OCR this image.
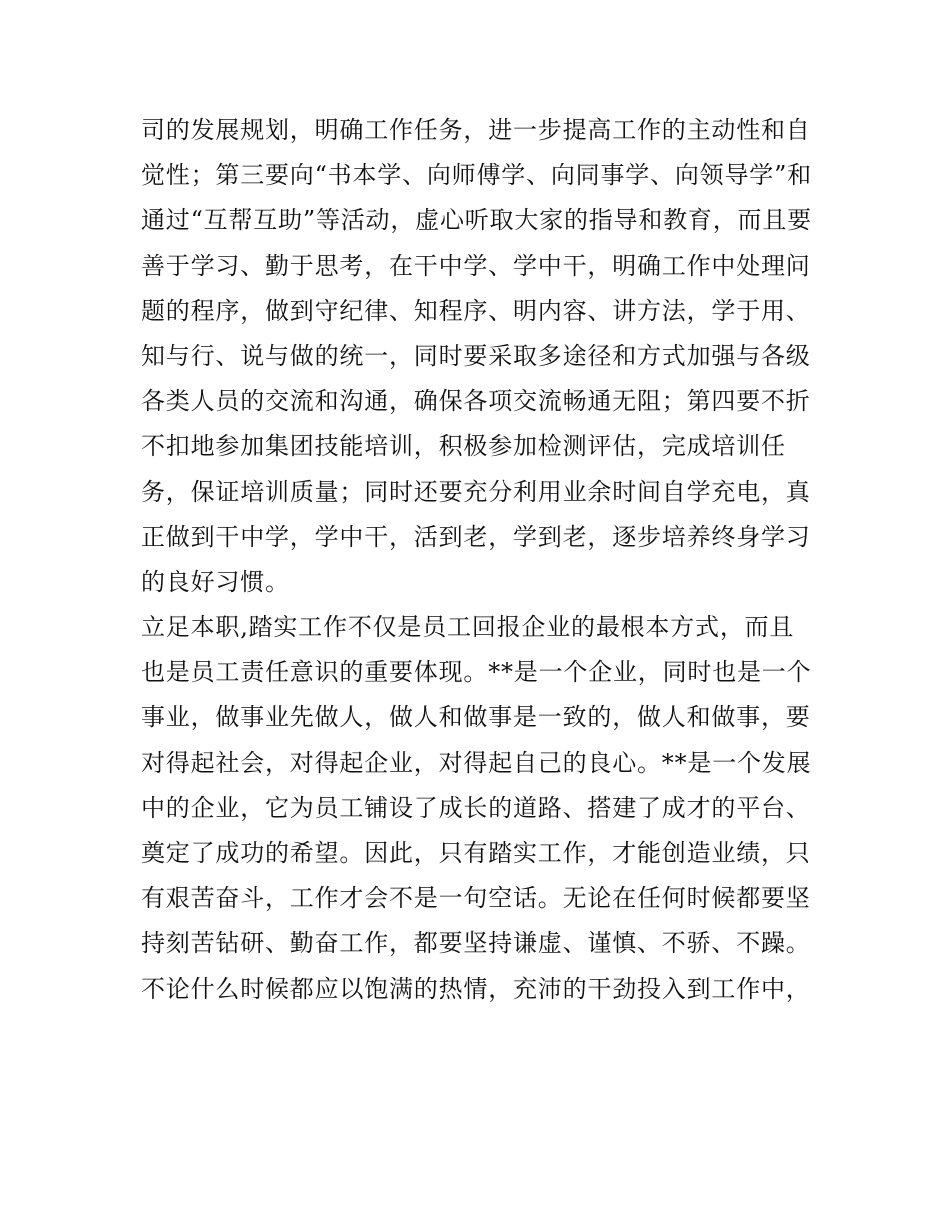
司的发展规划，明确工作任务，进一步提高工作的主动性和自
觉性；第三要向“书本学、向师傅学、向同事学、向领导学”和
通过“互帮互助”等活动，虚心听取大家的指导和教育，而且要
善于学习、勤于思考，在干中学、学中干，明确工作中处理问
题的程序，做到守纪律、知程序、明内容、讲方法，学于用、
知与行、说与做的统一，同时要采取多途径和方式加强与各级
各类人员的交流和沟通，确保各项交流畅通无阻；第四要不折
不扣地参加集团技能培训，积极参加检测评估，完成培训任
务，保证培训质量；同时还要充分利用业余时间自学充电，真
正做到干中学，学中干，活到老，学到老，逐步培养终身学习
的良好习惯。
立足本职,踏实工作不仅是员工回报企业的最根本方式，而且
也是员工责任意识的重要体现。**是一个企业，同时也是一个
事业，做事业先做人，做人和做事是一致的，做人和做事，要
对得起社会，对得起企业，对得起自己的良心。**是一个发展
中的企业，它为员工铺设了成长的道路、搭建了成才的平台、
奠定了成功的希望。因此，只有踏实工作，才能创造业绩，只
有艰苦奋斗，工作才会不是一句空话。无论在任何时候都要坚
持刻苦钻研、勤奋工作，都要坚持谦虚、谨慎、不骄、不躁。
不论什么时候都应以饱满的热情，充沛的干劲投入到工作中，
